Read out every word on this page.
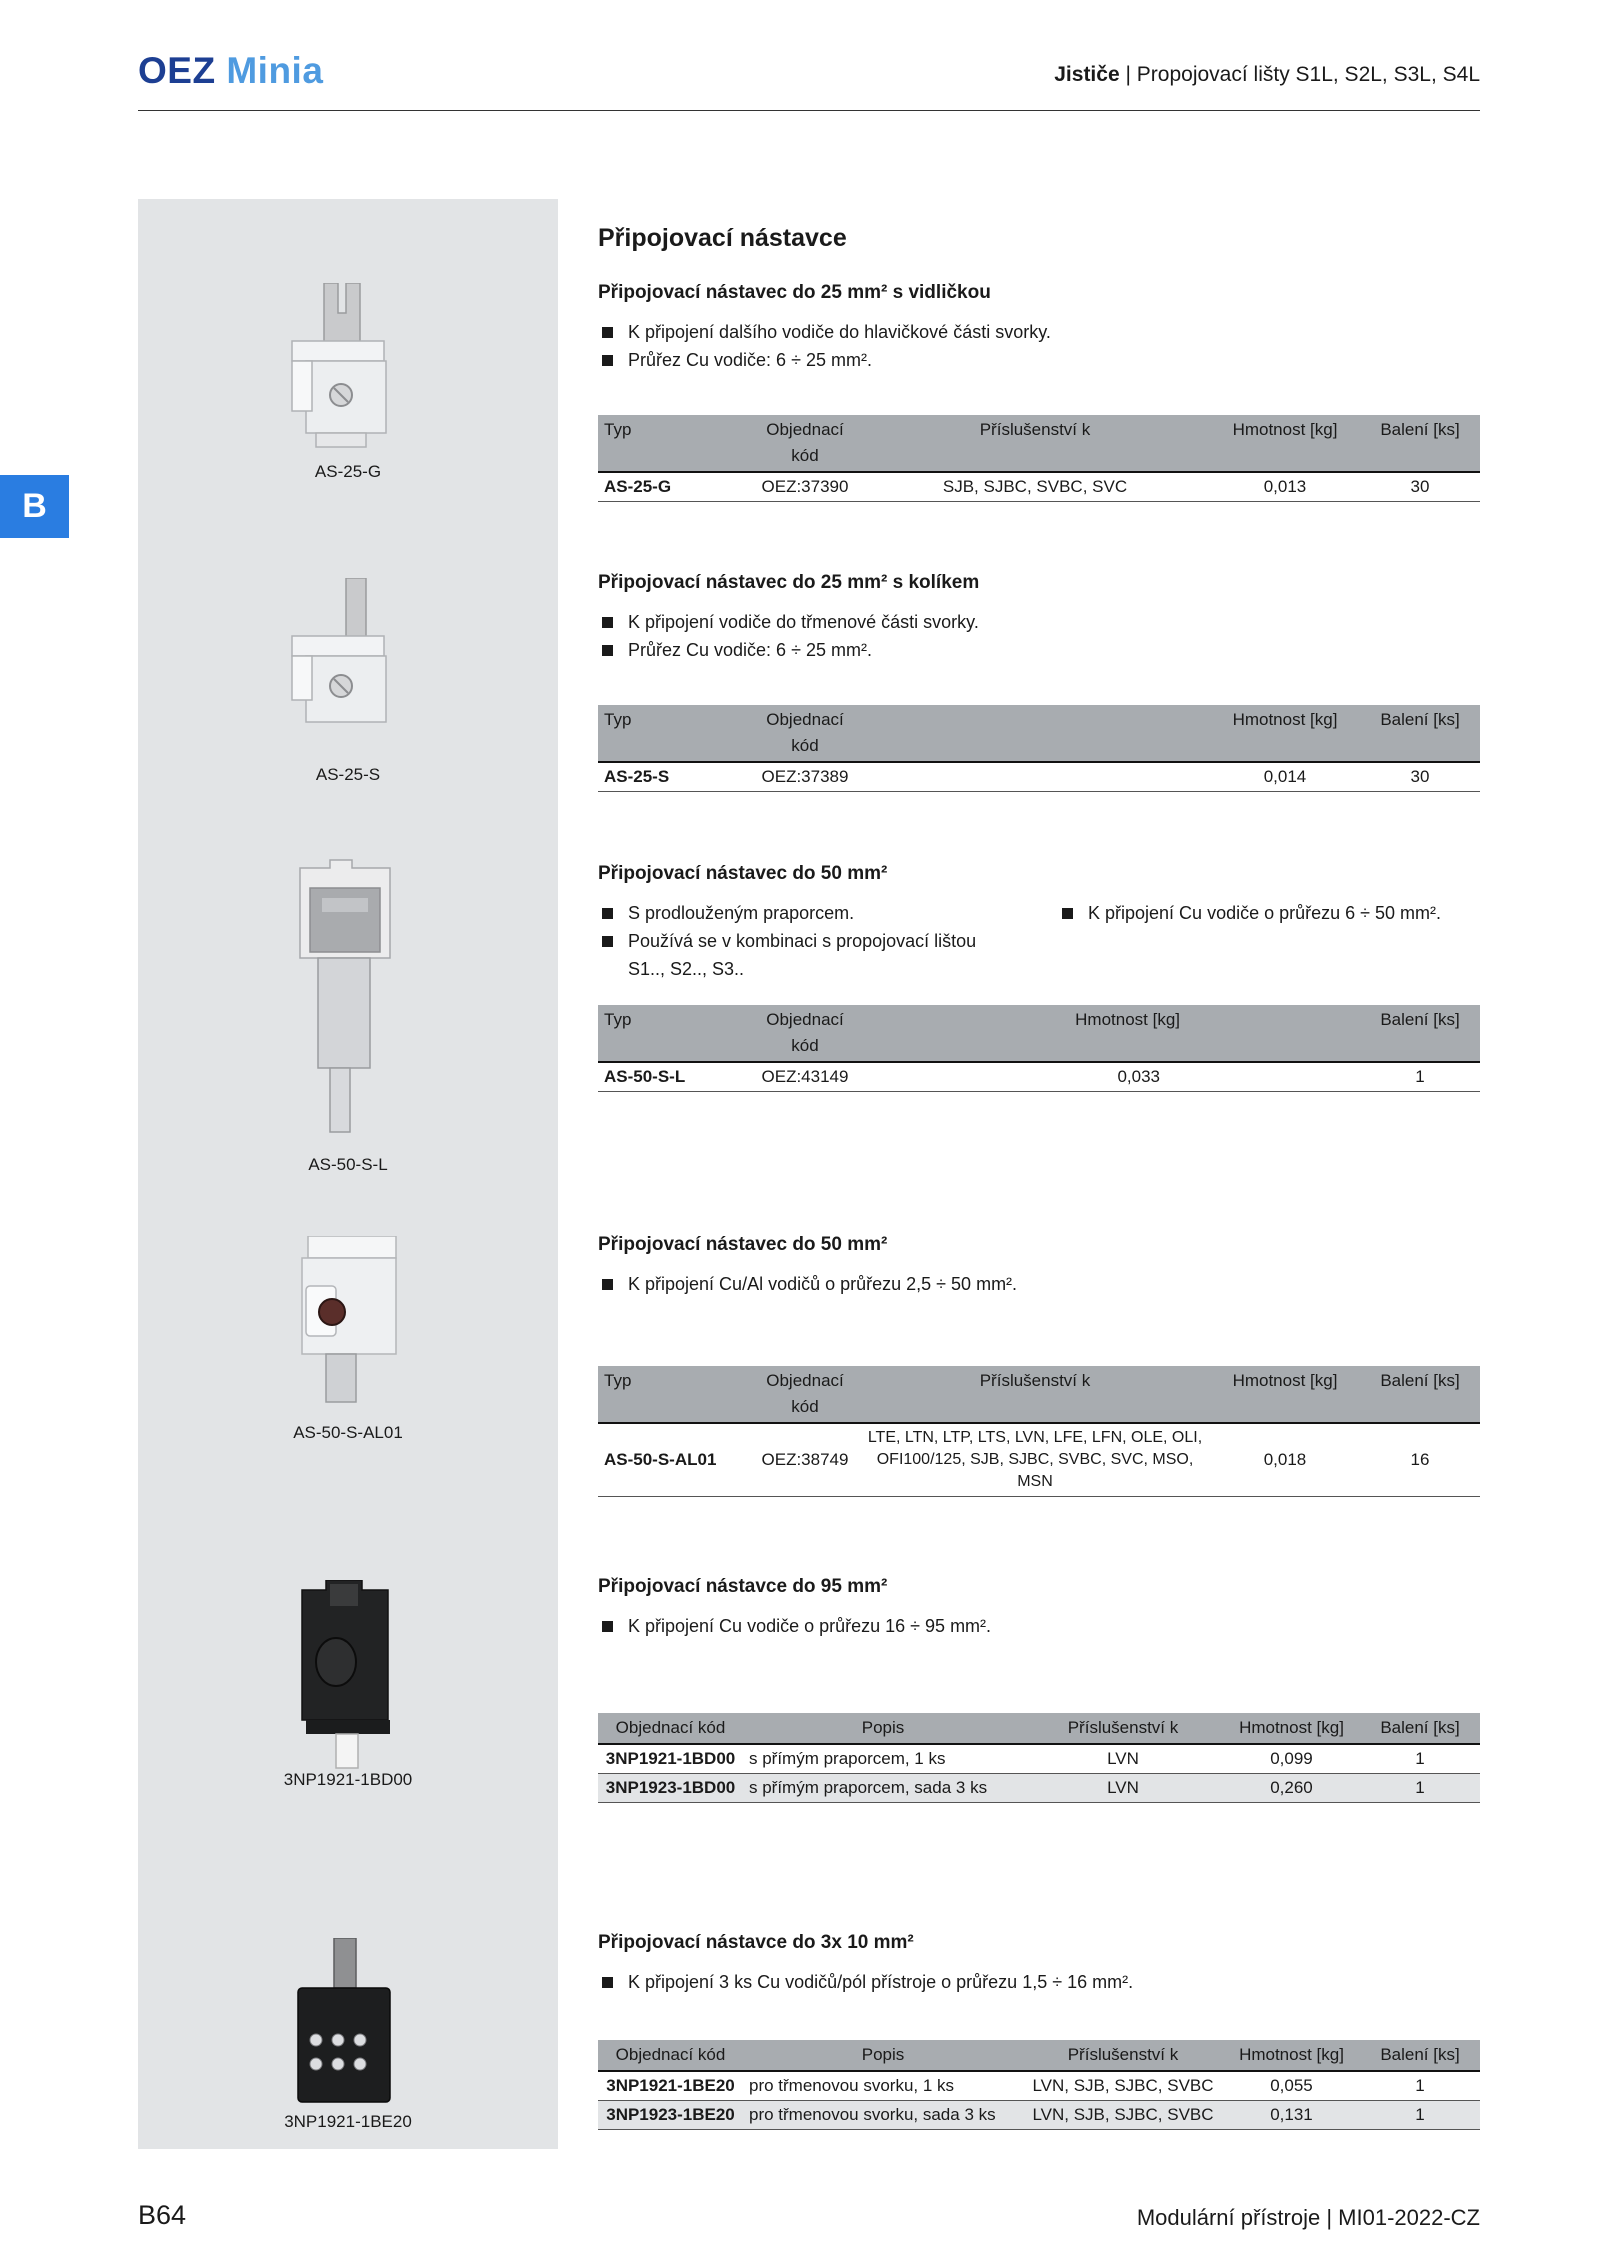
OEZ Minia	Jističe | Propojovací lišty S1L, S2L, S3L, S4L
B
AS-25-G
AS-25-S
AS-50-S-L
AS-50-S-AL01
3NP1921-1BD00
3NP1921-1BE20
Připojovací nástavce
Připojovací nástavec do 25 mm² s vidličkou
K připojení dalšího vodiče do hlavičkové části svorky.
Průřez Cu vodiče: 6 ÷ 25 mm².
Typ	Objednací kód	Příslušenství k	Hmotnost [kg]	Balení [ks]
AS-25-G	OEZ:37390	SJB, SJBC, SVBC, SVC	0,013	30
Připojovací nástavec do 25 mm² s kolíkem
K připojení vodiče do třmenové části svorky.
Průřez Cu vodiče: 6 ÷ 25 mm².
Typ	Objednací kód		Hmotnost [kg]	Balení [ks]
AS-25-S	OEZ:37389		0,014	30
Připojovací nástavec do 50 mm²
S prodlouženým praporcem.
Používá se v kombinaci s propojovací lištou S1.., S2.., S3..
K připojení Cu vodiče o průřezu 6 ÷ 50 mm².
Typ	Objednací kód	Hmotnost [kg]	Balení [ks]
AS-50-S-L	OEZ:43149	0,033	1
Připojovací nástavec do 50 mm²
K připojení Cu/Al vodičů o průřezu 2,5 ÷ 50 mm².
Typ	Objednací kód	Příslušenství k	Hmotnost [kg]	Balení [ks]
AS-50-S-AL01	OEZ:38749	LTE, LTN, LTP, LTS, LVN, LFE, LFN, OLE, OLI, OFI100/125, SJB, SJBC, SVBC, SVC, MSO, MSN	0,018	16
Připojovací nástavce do 95 mm²
K připojení Cu vodiče o průřezu 16 ÷ 95 mm².
Objednací kód	Popis	Příslušenství k	Hmotnost [kg]	Balení [ks]
3NP1921-1BD00	s přímým praporcem, 1 ks	LVN	0,099	1
3NP1923-1BD00	s přímým praporcem, sada 3 ks	LVN	0,260	1
Připojovací nástavce do 3x 10 mm²
K připojení 3 ks Cu vodičů/pól přístroje o průřezu 1,5 ÷ 16 mm².
Objednací kód	Popis	Příslušenství k	Hmotnost [kg]	Balení [ks]
3NP1921-1BE20	pro třmenovou svorku, 1 ks	LVN, SJB, SJBC, SVBC	0,055	1
3NP1923-1BE20	pro třmenovou svorku, sada 3 ks	LVN, SJB, SJBC, SVBC	0,131	1
B64	Modulární přístroje | MI01-2022-CZ
